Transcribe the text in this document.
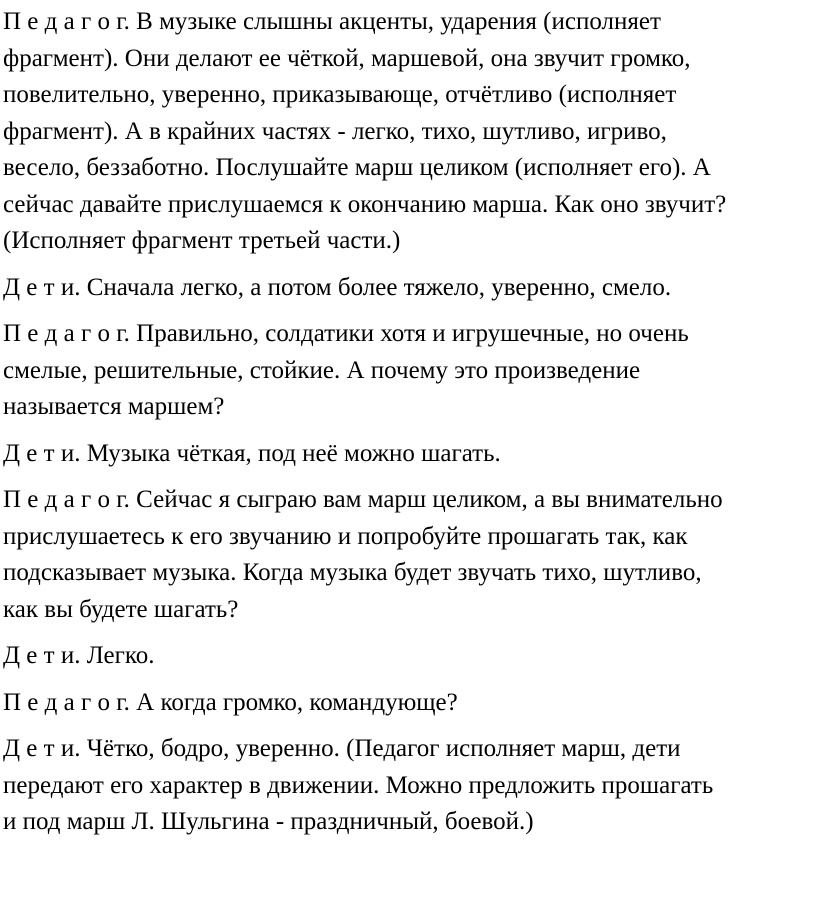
П е д а г о г. В музыке слышны акценты, ударения (исполняет
фрагмент). Они делают ее чёткой, маршевой, она звучит громко,
повелительно, уверенно, приказывающе, отчётливо (исполняет
фрагмент). А в крайних частях - легко, тихо, шутливо, игриво,
весело, беззаботно. Послушайте марш целиком (исполняет его). А
сейчас давайте прислушаемся к окончанию марша. Как оно звучит?
(Исполняет фрагмент третьей части.)

Д е т и. Сначала легко, а потом более тяжело, уверенно, смело.

П е д а г о г. Правильно, солдатики хотя и игрушечные, но очень
смелые, решительные, стойкие. А почему это произведение
называется маршем?

Д е т и. Музыка чёткая, под неё можно шагать.

П е д а г о г. Сейчас я сыграю вам марш целиком, а вы внимательно
прислушаетесь к его звучанию и попробуйте прошагать так, как
подсказывает музыка. Когда музыка будет звучать тихо, шутливо,
как вы будете шагать?

Д е т и. Легко.

П е д а г о г. А когда громко, командующе?

Д е т и. Чётко, бодро, уверенно. (Педагог исполняет марш, дети
передают его характер в движении. Можно предложить прошагать
и под марш Л. Шульгина - праздничный, боевой.)
